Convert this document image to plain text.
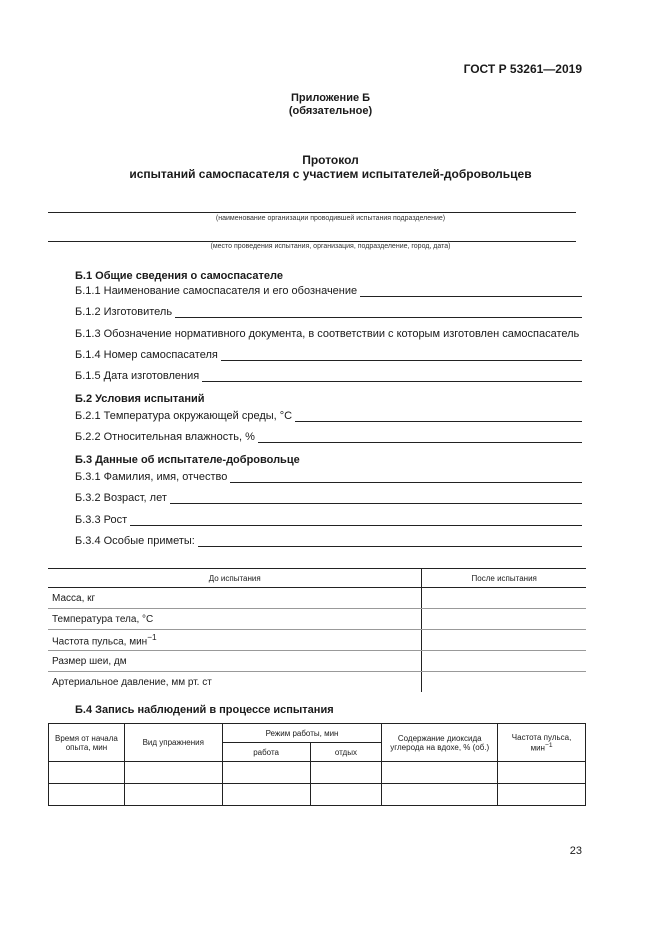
ГОСТ Р 53261—2019
Приложение Б
(обязательное)
Протокол
испытаний самоспасателя с участием испытателей-добровольцев
(наименование организации проводившей испытания подразделение)
(место проведения испытания, организация, подразделение, город, дата)
Б.1 Общие сведения о самоспасателе
Б.1.1 Наименование самоспасателя и его обозначение
Б.1.2 Изготовитель
Б.1.3 Обозначение нормативного документа, в соответствии с которым изготовлен самоспасатель
Б.1.4 Номер самоспасателя
Б.1.5 Дата изготовления
Б.2 Условия испытаний
Б.2.1 Температура окружающей среды, °С
Б.2.2 Относительная влажность, %
Б.3 Данные об испытателе-добровольце
Б.3.1 Фамилия, имя, отчество
Б.3.2 Возраст, лет
Б.3.3 Рост
Б.3.4 Особые приметы:
До испытания	После испытания
Масса, кг	
Температура тела, °С	
Частота пульса, мин$^{-1}$	
Размер шеи, дм	
Артериальное давление, мм рт. ст	
Б.4 Запись наблюдений в процессе испытания
Время от начала опыта, мин	Вид упражнения	Режим работы, мин		Содержание диоксида углерода на вдохе, % (об.)	Частота пульса, мин$^{-1}$
		работа	отдых		

23
